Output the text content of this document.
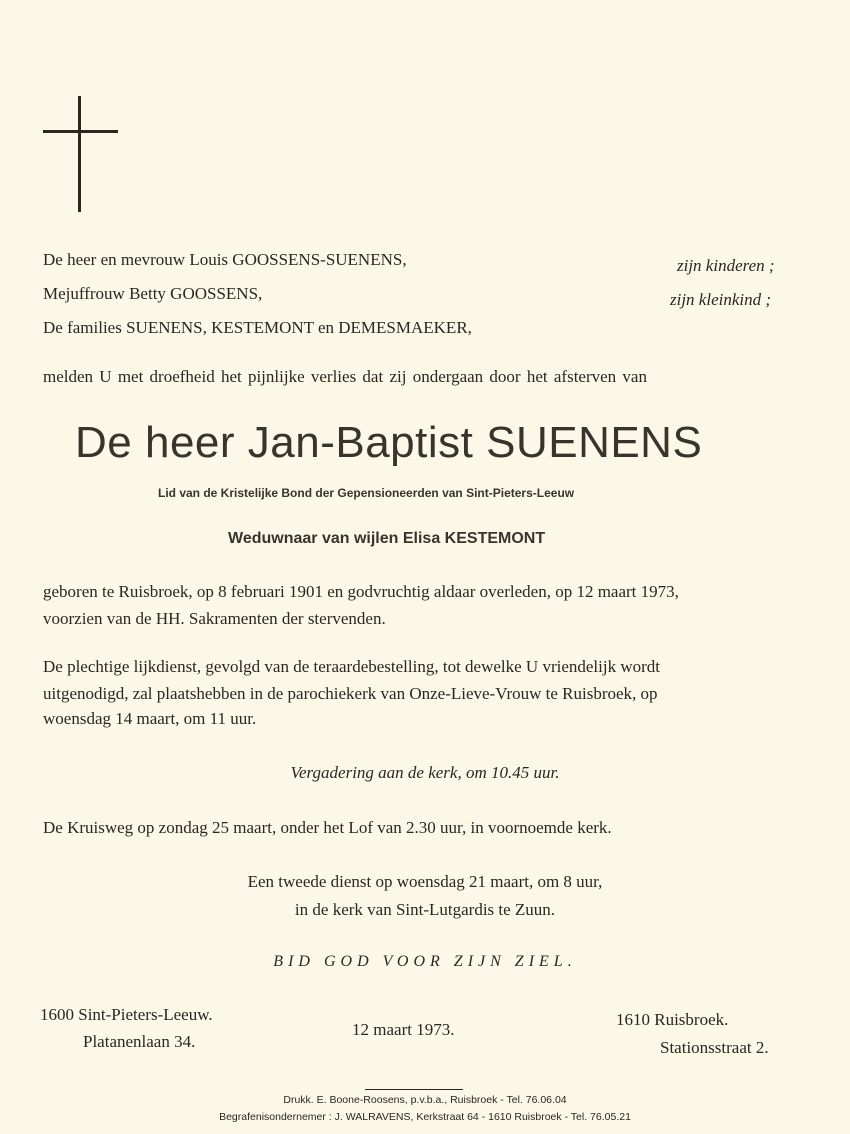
De heer en mevrouw Louis GOOSSENS-SUENENS,	zijn kinderen ;
Mejuffrouw Betty GOOSSENS,	zijn kleinkind ;
De families SUENENS, KESTEMONT en DEMESMAEKER,
melden U met droefheid het pijnlijke verlies dat zij ondergaan door het afsterven van
De heer Jan-Baptist SUENENS
Lid van de Kristelijke Bond der Gepensioneerden van Sint-Pieters-Leeuw
Weduwnaar van wijlen Elisa KESTEMONT
geboren te Ruisbroek, op 8 februari 1901 en godvruchtig aldaar overleden, op 12 maart 1973,
voorzien van de HH. Sakramenten der stervenden.
De plechtige lijkdienst, gevolgd van de teraardebestelling, tot dewelke U vriendelijk wordt
uitgenodigd, zal plaatshebben in de parochiekerk van Onze-Lieve-Vrouw te Ruisbroek, op
woensdag 14 maart, om 11 uur.
Vergadering aan de kerk, om 10.45 uur.
De Kruisweg op zondag 25 maart, onder het Lof van 2.30 uur, in voornoemde kerk.
Een tweede dienst op woensdag 21 maart, om 8 uur,
in de kerk van Sint-Lutgardis te Zuun.
BID GOD VOOR ZIJN ZIEL.
1600 Sint-Pieters-Leeuw.
Platanenlaan 34.
12 maart 1973.
1610 Ruisbroek.
Stationsstraat 2.
Drukk. E. Boone-Roosens, p.v.b.a., Ruisbroek - Tel. 76.06.04
Begrafenisondernemer : J. WALRAVENS, Kerkstraat 64 - 1610 Ruisbroek - Tel. 76.05.21
